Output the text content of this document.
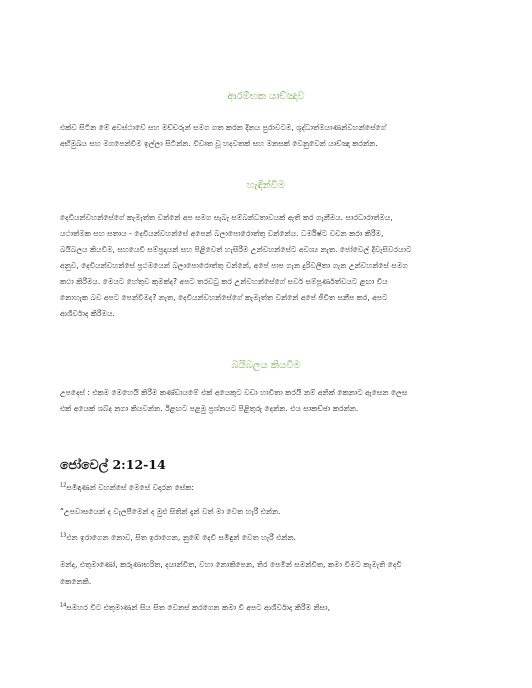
ආරම්භක යාච්ඤාව
එක්ව සිටින මේ අවස්ථාවේ සහ මච්චරුන් සමග ගත කරන දිනය පුරාවටම, ශුද්ධාත්මයාණන්වහන්සේගේ
අභිමුඛය සහ මගපෙන්වීම ඉල්ලා සිටින්න. විවෘත වූ හදවතක් සහ මනසක් වෙනුවෙන් යාච්ඤා කරන්න.
හැඳින්වීම
දෙවියන්වහන්සේගේ කැමැත්ත වන්නේ අප සමග සැබෑ සම්බන්ධතාවයක් ඇති කර ගැනීමය. සාරධාරාත්මය,
යථාත්මක සහ සතාය - දෙවියන්වහන්සේ අපෙන් බලාපොරොත්තු වන්නේය. ධර්මිෂ්ට වචන කරා කිරීම,
බයිබලය කියවීම, සහයෙවී සම්ප්‍රදායන් සහ පිළිවෙත් හැසිරීම උන්වහන්සේට අවශ්‍ය නැත. ජෝවෙල් දිවැසිවරයාට
අනුව, දෙවියන්වහන්සේ ප්‍රථමයෙන් බලාපොරොත්තු වන්නේ, අපේ පාප ගැන දුරිවලිතා ගැන උන්වහන්සේ සමග
කථා කිරීමය. මෙයට හේතුව කුමක්ද? අපට තරවටු කර උන්වහන්සේගේ සර්ව සම්පූර්ණත්වයට ළඟා විය
නොහැක බව අපට පෙන්වීමද? නැත, දෙවියන්වහන්සේගේ කැමැත්ත වන්නේ අපේ ජීවිත සනීප කර, අපට
ආශිර්වාද කිරීමය.
බයිබලය කියවීම
උපදෙස් : එකම මෙහෙයි කිරීම කණ්ඩායමේ එක් අයෙකුට වඩා හාවිතා කරයි නම් අනික් කෙනාට ඇසෙන ලෙස
එක් අයෙක් ශබ්ද නගා කියවන්න. ඊළඟට පළමු ප්‍රශ්නයට පිළිතුරු දෙන්න. එය සාකච්ඡා කරන්න.
ජෝවෙල් 2:12-14
$^{12}$සමිඳාණන් වහන්සේ මෙසේ වදාරන සේක:
“උපවාසයෙන් ද වැලපීමෙන් ද මුළු සිතින් දැන් වත් මා වෙත හැරී එන්න.
$^{13}$එන ඉරාගෙන නොව, සිත ඉරාගෙන, නුඹේ දෙවි සමිඳුන් වෙත හැරී එන්න.
මන්ද, එතුමාණෝ, කරුණාභරිත, දයාන්විත, වහා නොකිපෙන, තිර පෙමින් සමන්විත, කමා විමට කැමැති දෙවි
කෙනෙකි.
$^{14}$සමහර විට එතුමාණන් සිය සිත වෙනස් කරගෙන කමා වී අපට ආශිර්වාද කිරීම නිසා,
